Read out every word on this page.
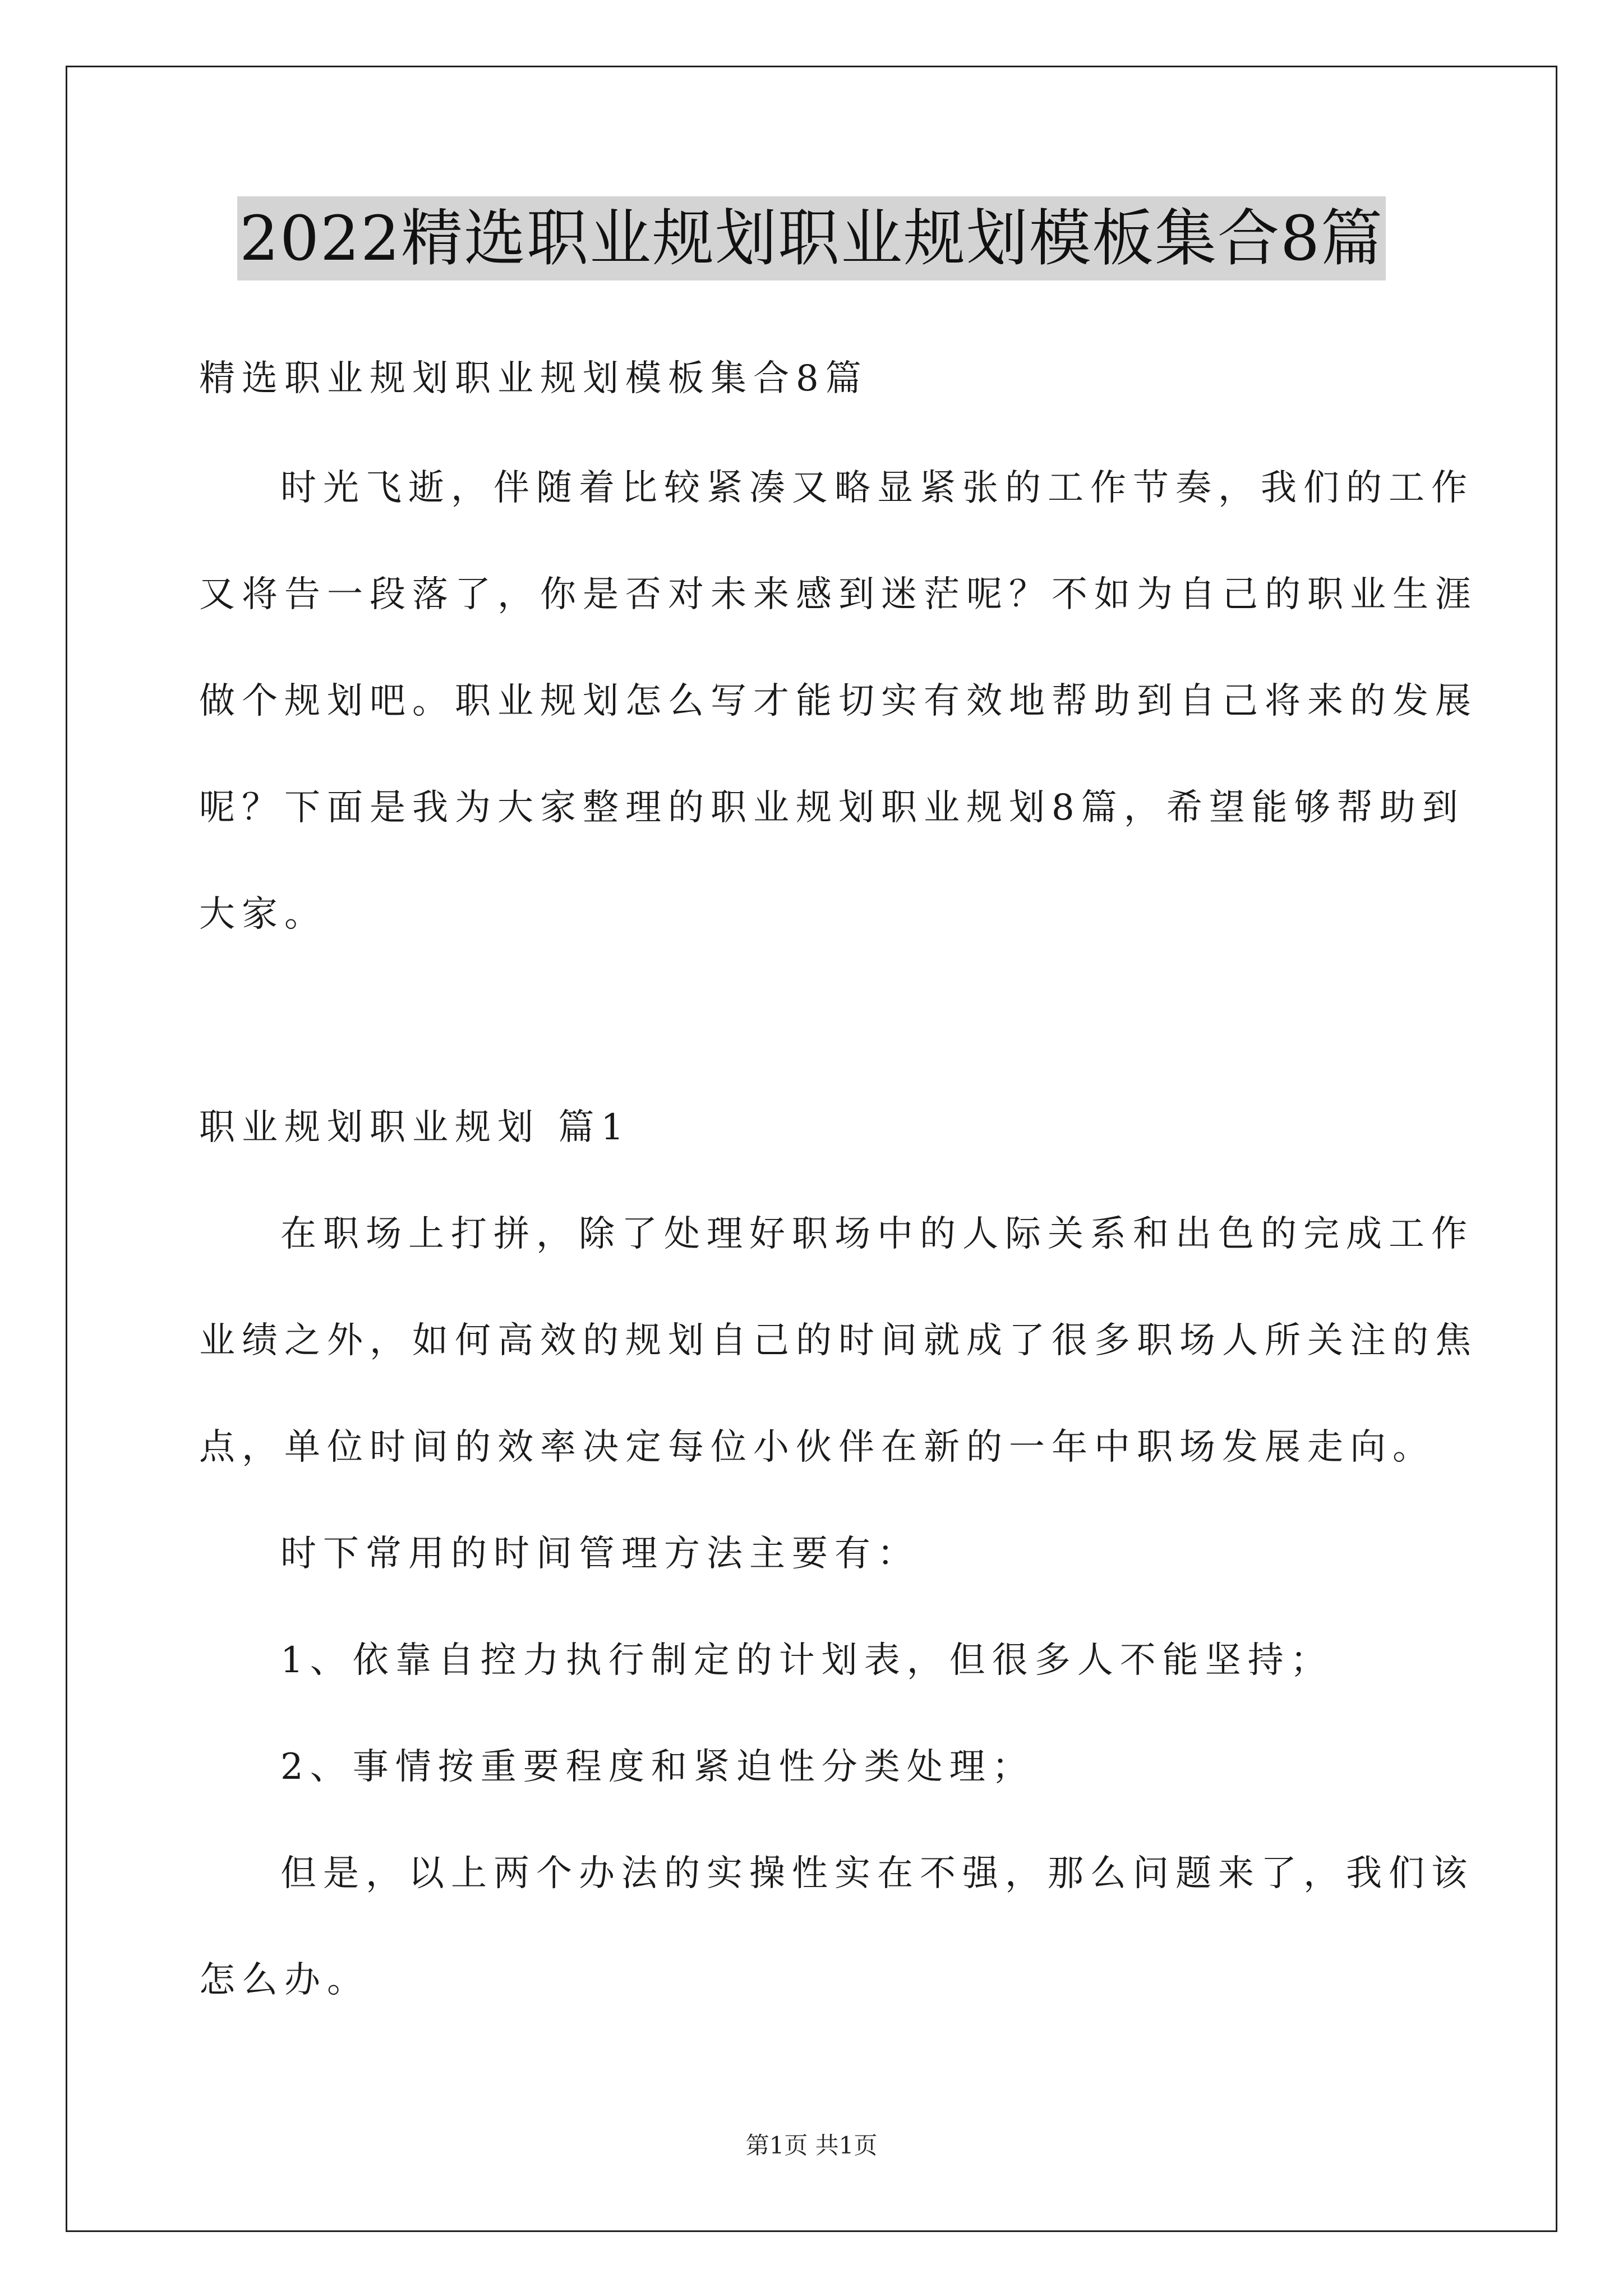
2022精选职业规划职业规划模板集合8篇
精选职业规划职业规划模板集合8篇
时光飞逝，伴随着比较紧凑又略显紧张的工作节奏，我们的工作
又将告一段落了，你是否对未来感到迷茫呢？不如为自己的职业生涯
做个规划吧。职业规划怎么写才能切实有效地帮助到自己将来的发展
呢？下面是我为大家整理的职业规划职业规划8篇，希望能够帮助到
大家。
职业规划职业规划 篇1
在职场上打拼，除了处理好职场中的人际关系和出色的完成工作
业绩之外，如何高效的规划自己的时间就成了很多职场人所关注的焦
点，单位时间的效率决定每位小伙伴在新的一年中职场发展走向。
时下常用的时间管理方法主要有：
1、依靠自控力执行制定的计划表，但很多人不能坚持；
2、事情按重要程度和紧迫性分类处理；
但是，以上两个办法的实操性实在不强，那么问题来了，我们该
怎么办。
第1页 共1页
